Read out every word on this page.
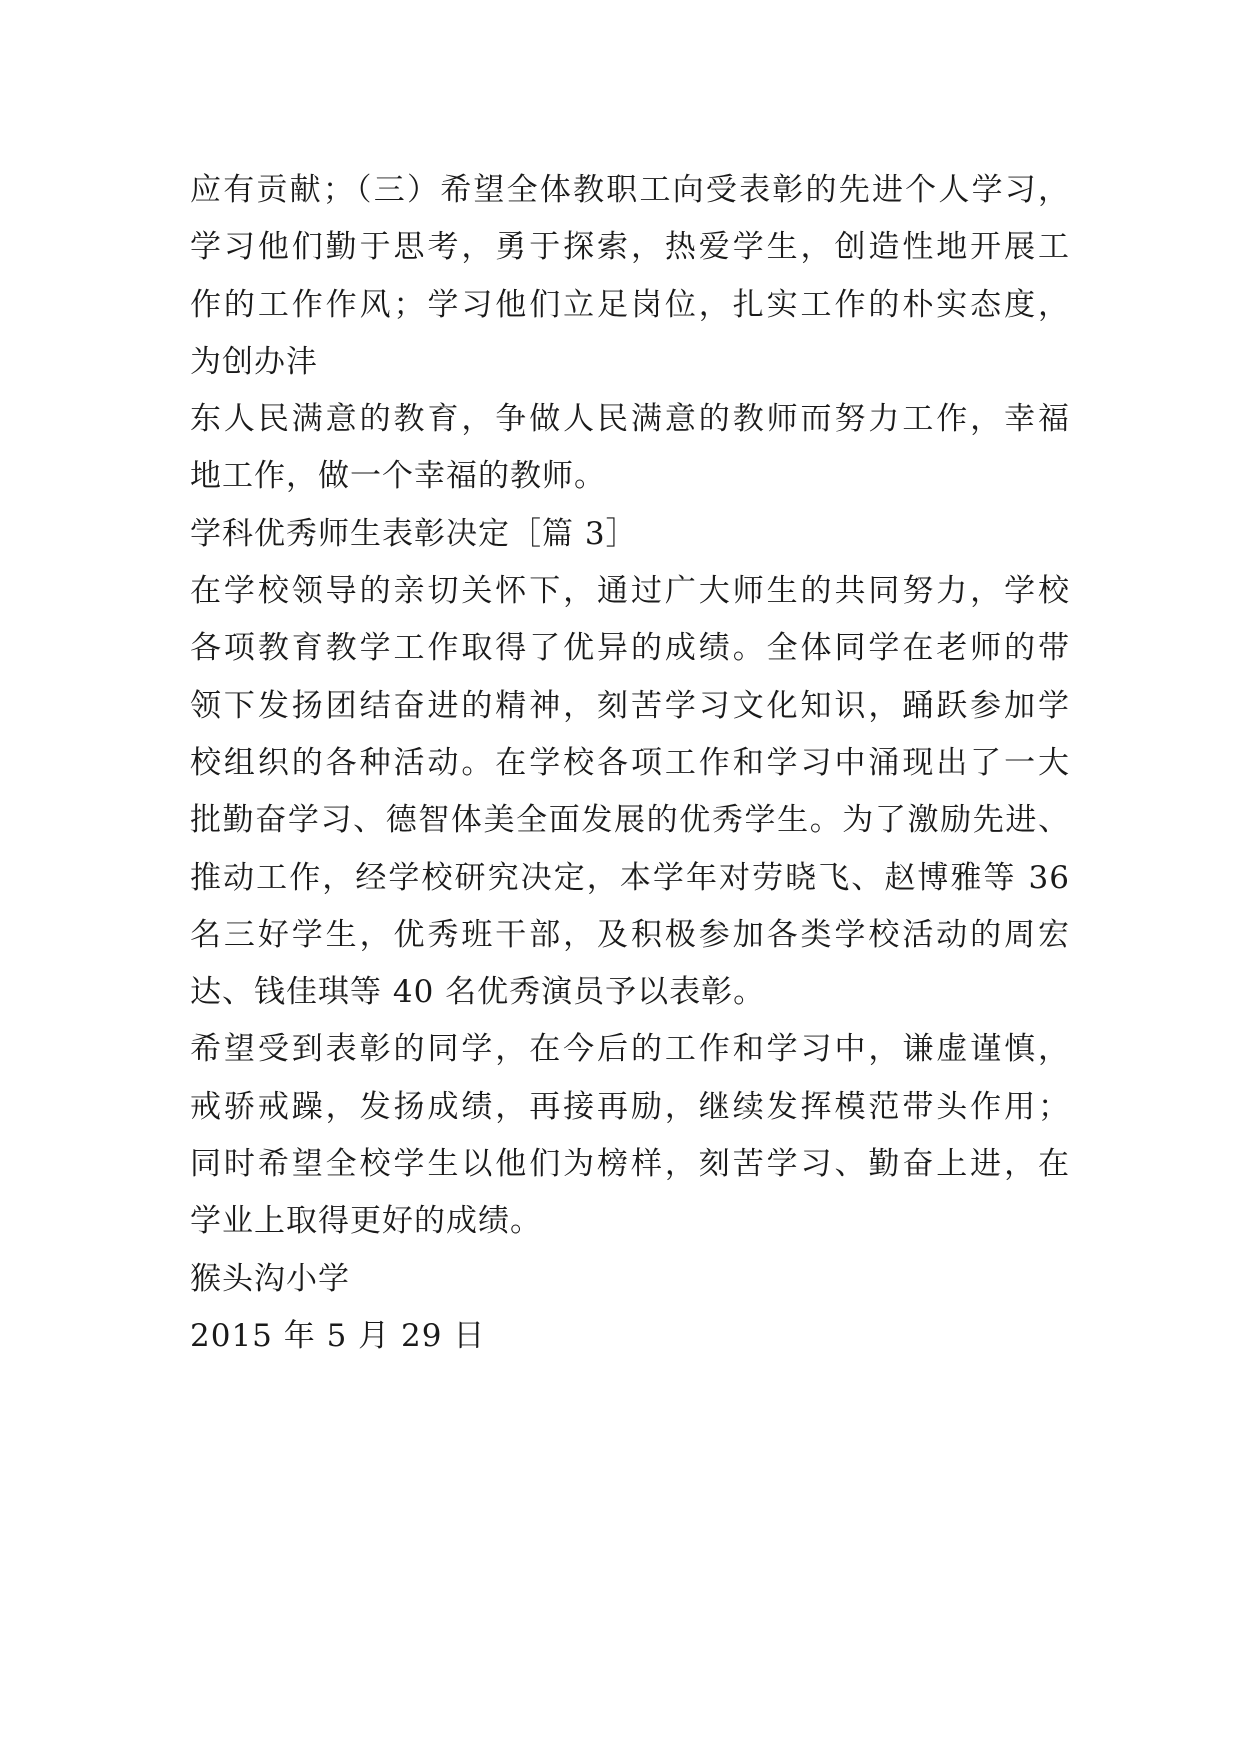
应有贡献；（三）希望全体教职工向受表彰的先进个人学习，
学习他们勤于思考，勇于探索，热爱学生，创造性地开展工
作的工作作风；学习他们立足岗位，扎实工作的朴实态度，
为创办沣
东人民满意的教育，争做人民满意的教师而努力工作，幸福
地工作，做一个幸福的教师。
学科优秀师生表彰决定［篇 3］
在学校领导的亲切关怀下，通过广大师生的共同努力，学校
各项教育教学工作取得了优异的成绩。全体同学在老师的带
领下发扬团结奋进的精神，刻苦学习文化知识，踊跃参加学
校组织的各种活动。在学校各项工作和学习中涌现出了一大
批勤奋学习、德智体美全面发展的优秀学生。为了激励先进、
推动工作，经学校研究决定，本学年对劳晓飞、赵博雅等 36
名三好学生，优秀班干部，及积极参加各类学校活动的周宏
达、钱佳琪等 40 名优秀演员予以表彰。
希望受到表彰的同学，在今后的工作和学习中，谦虚谨慎，
戒骄戒躁，发扬成绩，再接再励，继续发挥模范带头作用；
同时希望全校学生以他们为榜样，刻苦学习、勤奋上进，在
学业上取得更好的成绩。
猴头沟小学
2015 年 5 月 29 日
